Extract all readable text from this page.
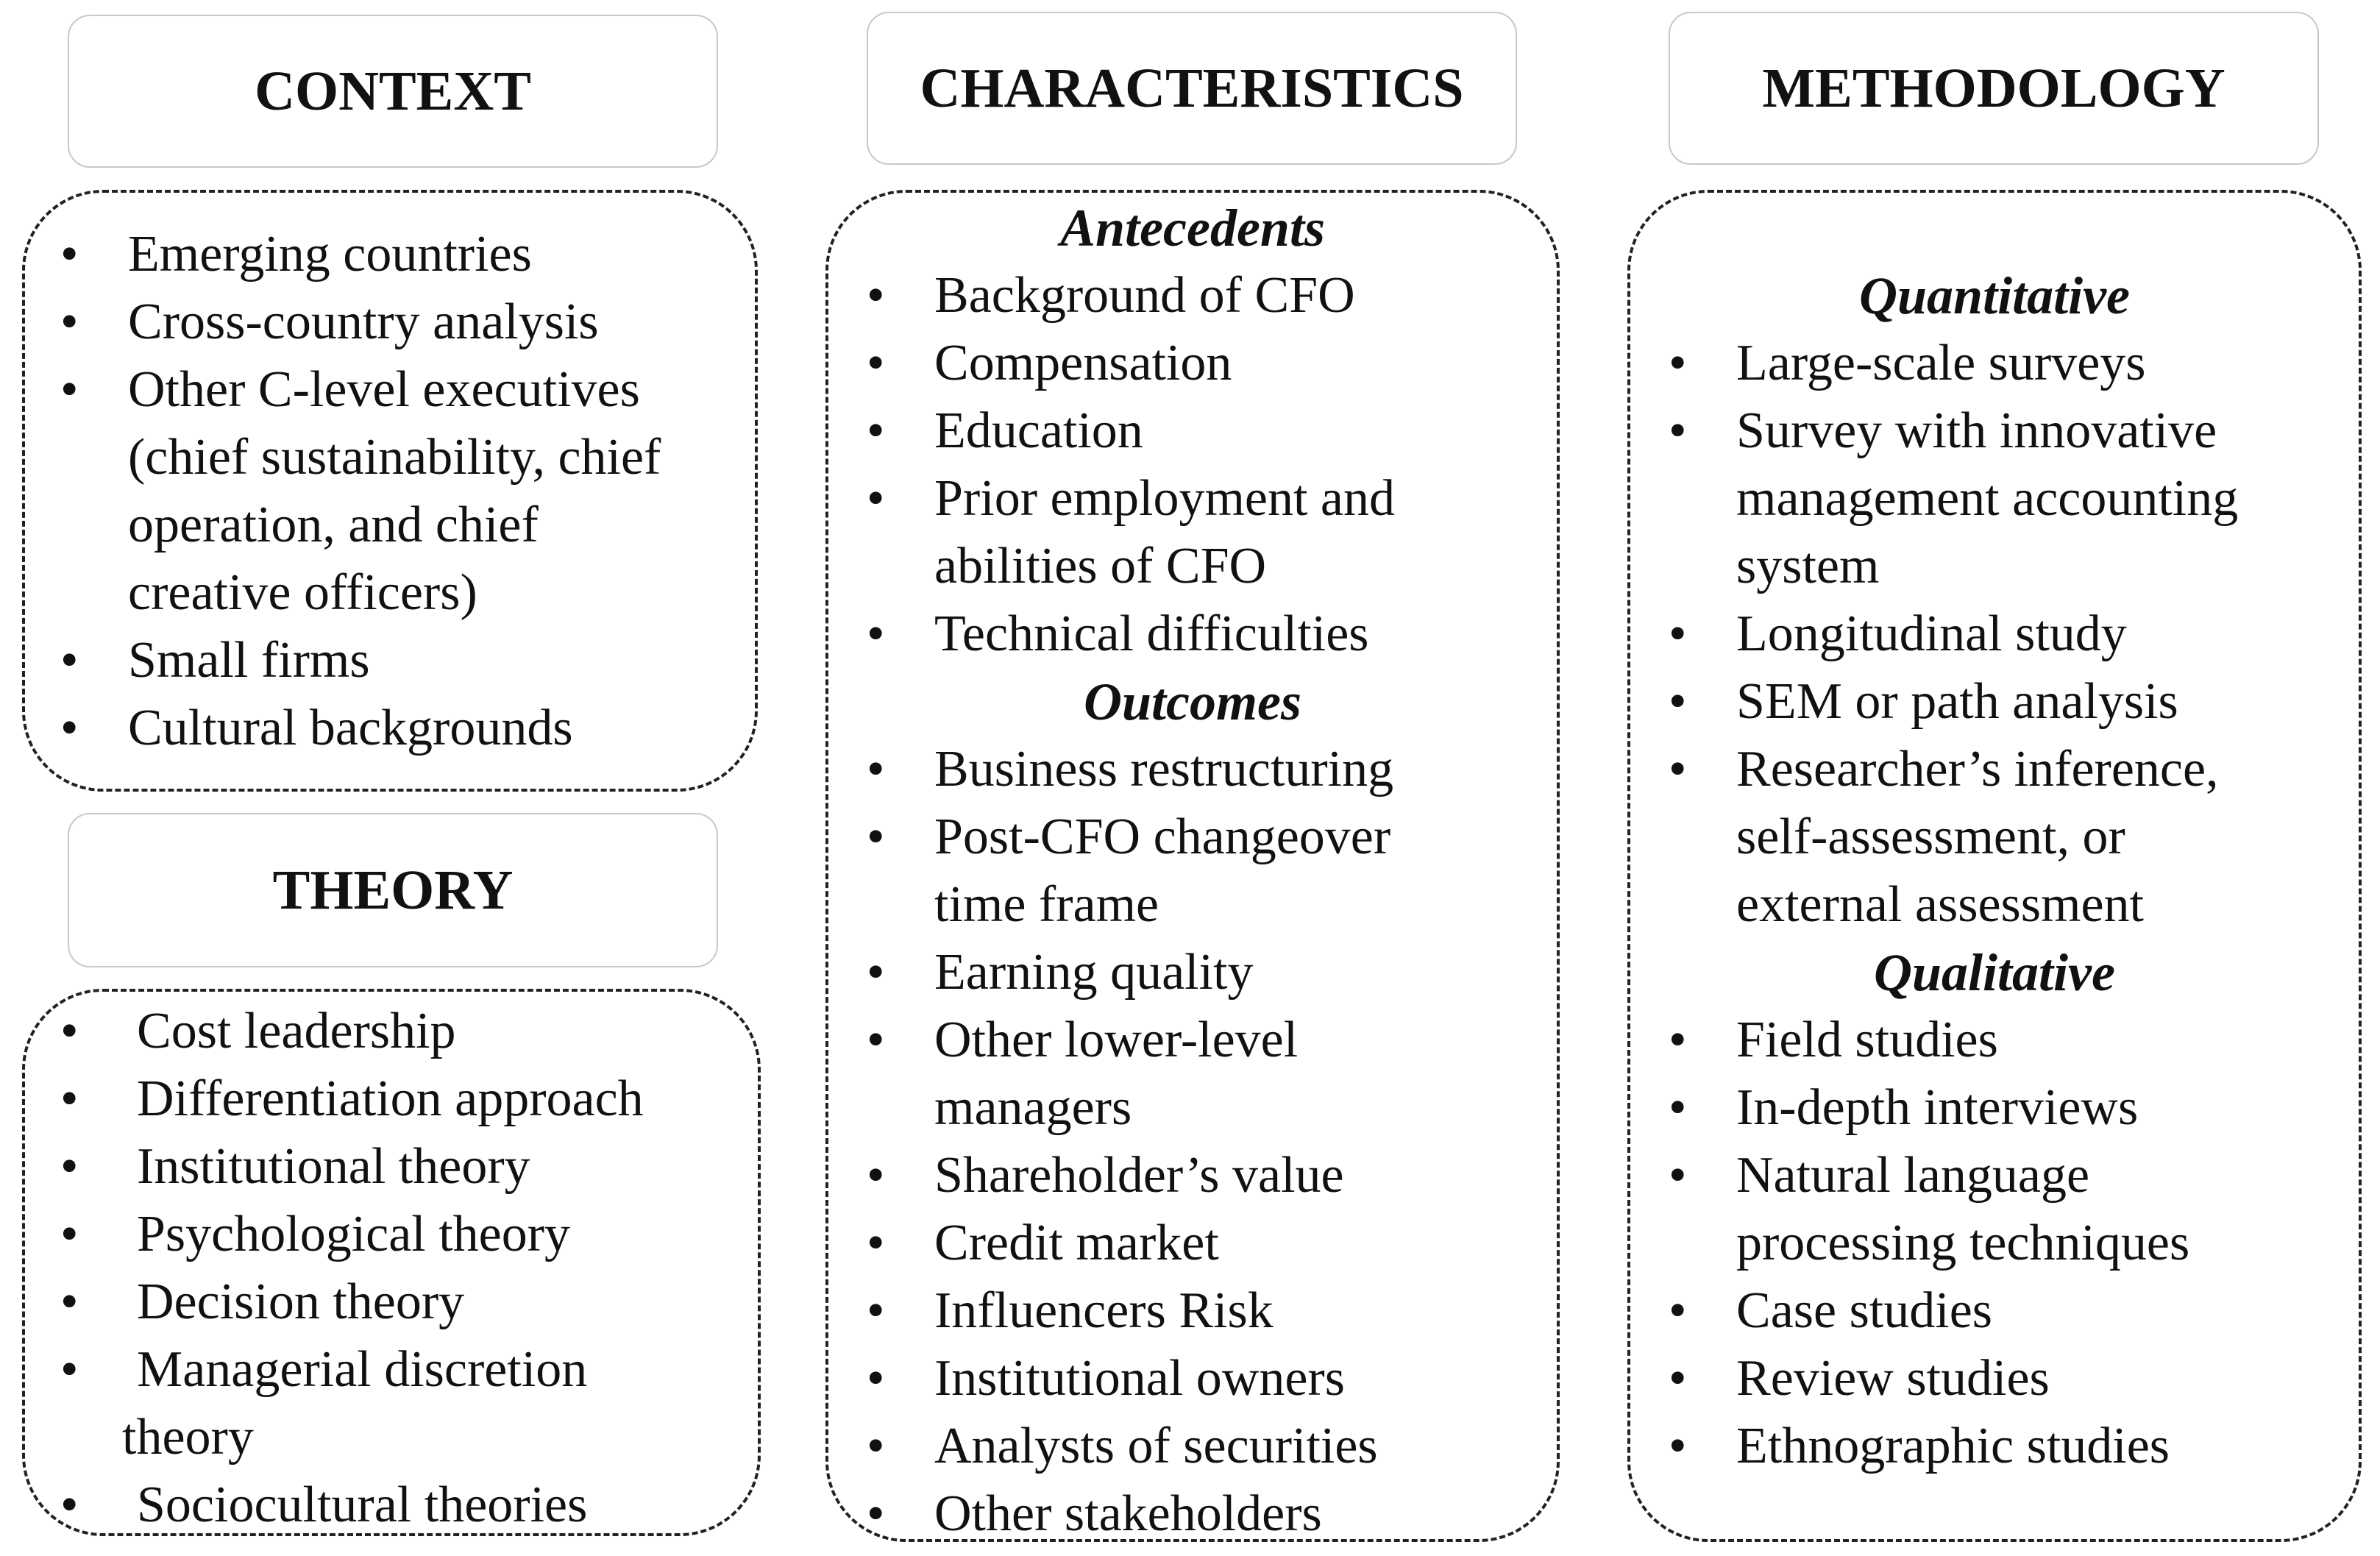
CONTEXT	CHARACTERISTICS	METHODOLOGY
THEORY
• Emerging countries
• Cross-country analysis
• Other C-level executives
(chief sustainability, chief
operation, and chief
creative officers)
• Small firms
• Cultural backgrounds
• Cost leadership
• Differentiation approach
• Institutional theory
• Psychological theory
• Decision theory
• Managerial discretion
theory
• Sociocultural theories
Antecedents
• Background of CFO
• Compensation
• Education
• Prior employment and
abilities of CFO
• Technical difficulties
Outcomes
• Business restructuring
• Post-CFO changeover
time frame
• Earning quality
• Other lower-level
managers
• Shareholder’s value
• Credit market
• Influencers Risk
• Institutional owners
• Analysts of securities
• Other stakeholders
Quantitative
• Large-scale surveys
• Survey with innovative
management accounting
system
• Longitudinal study
• SEM or path analysis
• Researcher’s inference,
self-assessment, or
external assessment
Qualitative
• Field studies
• In-depth interviews
• Natural language
processing techniques
• Case studies
• Review studies
• Ethnographic studies
